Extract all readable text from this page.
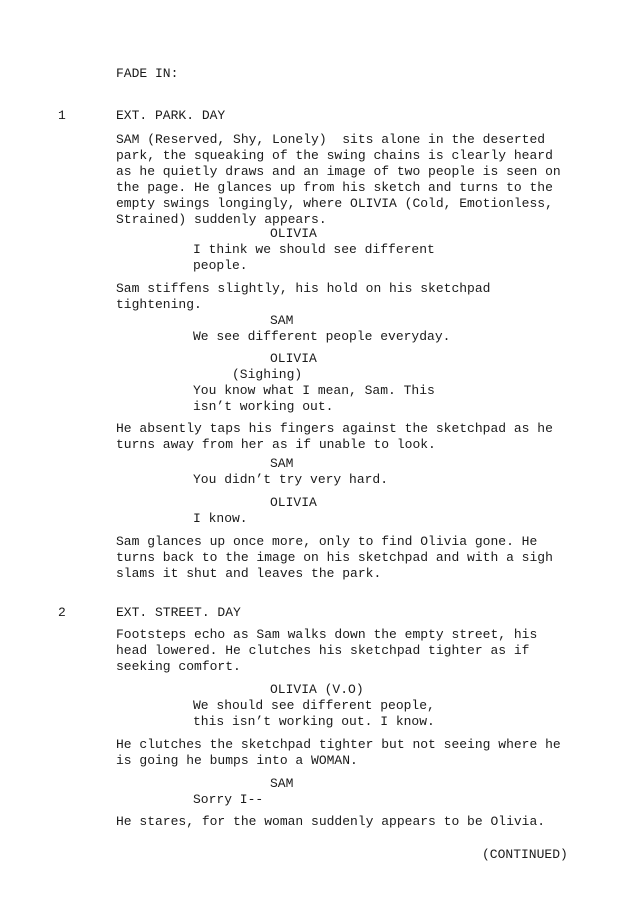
FADE IN:
1	EXT. PARK. DAY
SAM (Reserved, Shy, Lonely)  sits alone in the deserted
park, the squeaking of the swing chains is clearly heard
as he quietly draws and an image of two people is seen on
the page. He glances up from his sketch and turns to the
empty swings longingly, where OLIVIA (Cold, Emotionless,
Strained) suddenly appears.
OLIVIA
I think we should see different
people.
Sam stiffens slightly, his hold on his sketchpad
tightening.
SAM
We see different people everyday.
OLIVIA
(Sighing)
You know what I mean, Sam. This
isn’t working out.
He absently taps his fingers against the sketchpad as he
turns away from her as if unable to look.
SAM
You didn’t try very hard.
OLIVIA
I know.
Sam glances up once more, only to find Olivia gone. He
turns back to the image on his sketchpad and with a sigh
slams it shut and leaves the park.
2	EXT. STREET. DAY
Footsteps echo as Sam walks down the empty street, his
head lowered. He clutches his sketchpad tighter as if
seeking comfort.
OLIVIA (V.O)
We should see different people,
this isn’t working out. I know.
He clutches the sketchpad tighter but not seeing where he
is going he bumps into a WOMAN.
SAM
Sorry I--
He stares, for the woman suddenly appears to be Olivia.
(CONTINUED)
